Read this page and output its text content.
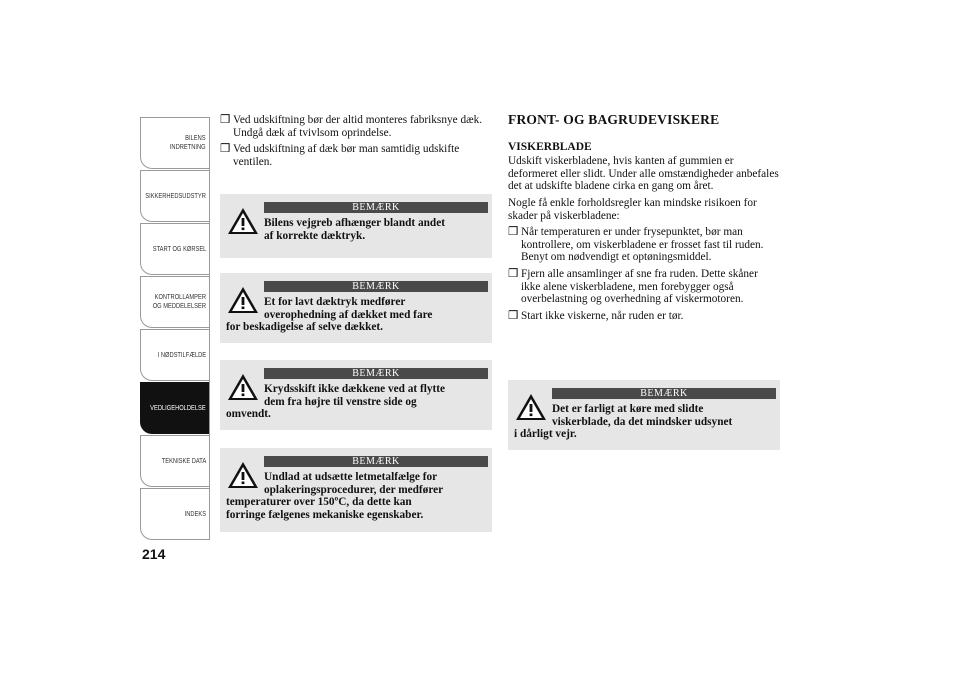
BILENS
INDRETNING
SIKKERHEDSUDSTYR
START OG KØRSEL
KONTROLLAMPER
OG MEDDELELSER
I NØDSTILFÆLDE
VEDLIGEHOLDELSE
TEKNISKE DATA
INDEKS
214
❒ Ved udskiftning bør der altid monteres fabriksnye dæk. Undgå dæk af tvivlsom oprindelse.
❒ Ved udskiftning af dæk bør man samtidig udskifte ventilen.
BEMÆRK
Bilens vejgreb afhænger blandt andet
af korrekte dæktryk.
BEMÆRK
Et for lavt dæktryk medfører
overophedning af dækket med fare
for beskadigelse af selve dækket.
BEMÆRK
Krydsskift ikke dækkene ved at flytte
dem fra højre til venstre side og
omvendt.
BEMÆRK
Undlad at udsætte letmetalfælge for
oplakeringsprocedurer, der medfører
temperaturer over 150ºC, da dette kan
forringe fælgenes mekaniske egenskaber.
FRONT- OG BAGRUDEVISKERE
VISKERBLADE
Udskift viskerbladene, hvis kanten af gummien er deformeret eller slidt. Under alle omstændigheder anbefales det at udskifte bladene cirka en gang om året.
Nogle få enkle forholdsregler kan mindske risikoen for skader på viskerbladene:
❒ Når temperaturen er under frysepunktet, bør man kontrollere, om viskerbladene er frosset fast til ruden. Benyt om nødvendigt et optøningsmiddel.
❒ Fjern alle ansamlinger af sne fra ruden. Dette skåner ikke alene viskerbladene, men forebygger også overbelastning og overhedning af viskermotoren.
❒ Start ikke viskerne, når ruden er tør.
BEMÆRK
Det er farligt at køre med slidte
viskerblade, da det mindsker udsynet
i dårligt vejr.
